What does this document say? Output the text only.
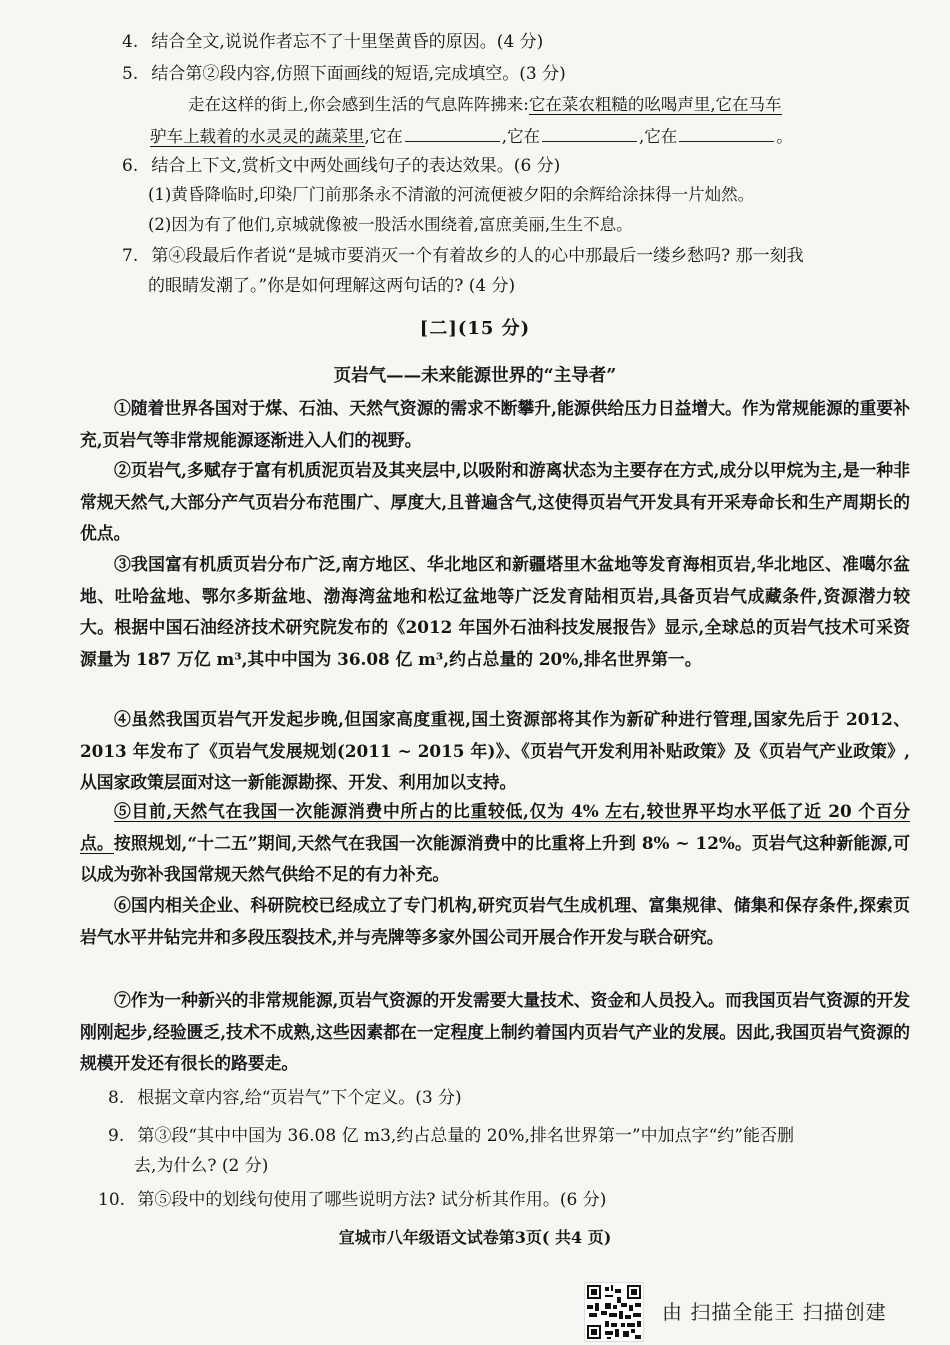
4. 结合全文,说说作者忘不了十里堡黄昏的原因。(4 分)
5. 结合第②段内容,仿照下面画线的短语,完成填空。(3 分)
走在这样的街上,你会感到生活的气息阵阵拂来:它在菜农粗糙的吆喝声里,它在马车
驴车上载着的水灵灵的蔬菜里,它在	,它在	,它在	。
6. 结合上下文,赏析文中两处画线句子的表达效果。(6 分)
(1)黄昏降临时,印染厂门前那条永不清澈的河流便被夕阳的余辉给涂抹得一片灿然。
(2)因为有了他们,京城就像被一股活水围绕着,富庶美丽,生生不息。
7. 第④段最后作者说“是城市要消灭一个有着故乡的人的心中那最后一缕乡愁吗? 那一刻我
的眼睛发潮了。”你是如何理解这两句话的? (4 分)
[二](15 分)
页岩气——未来能源世界的“主导者”
①随着世界各国对于煤、石油、天然气资源的需求不断攀升,能源供给压力日益增大。作为常规能源的重要补充,页岩气等非常规能源逐渐进入人们的视野。
②页岩气,多赋存于富有机质泥页岩及其夹层中,以吸附和游离状态为主要存在方式,成分以甲烷为主,是一种非常规天然气,大部分产气页岩分布范围广、厚度大,且普遍含气,这使得页岩气开发具有开采寿命长和生产周期长的优点。
③我国富有机质页岩分布广泛,南方地区、华北地区和新疆塔里木盆地等发育海相页岩,华北地区、准噶尔盆地、吐哈盆地、鄂尔多斯盆地、渤海湾盆地和松辽盆地等广泛发育陆相页岩,具备页岩气成藏条件,资源潜力较大。根据中国石油经济技术研究院发布的《2012 年国外石油科技发展报告》显示,全球总的页岩气技术可采资源量为 187 万亿 m³,其中中国为 36.08 亿 m³,约占总量的 20%,排名世界第一。
④虽然我国页岩气开发起步晚,但国家高度重视,国土资源部将其作为新矿种进行管理,国家先后于 2012、2013 年发布了《页岩气发展规划(2011 ~ 2015 年)》、《页岩气开发利用补贴政策》及《页岩气产业政策》,从国家政策层面对这一新能源勘探、开发、利用加以支持。
⑤目前,天然气在我国一次能源消费中所占的比重较低,仅为 4% 左右,较世界平均水平低了近 20 个百分点。按照规划,“十二五”期间,天然气在我国一次能源消费中的比重将上升到 8% ~ 12%。页岩气这种新能源,可以成为弥补我国常规天然气供给不足的有力补充。
⑥国内相关企业、科研院校已经成立了专门机构,研究页岩气生成机理、富集规律、储集和保存条件,探索页岩气水平井钻完井和多段压裂技术,并与壳牌等多家外国公司开展合作开发与联合研究。
⑦作为一种新兴的非常规能源,页岩气资源的开发需要大量技术、资金和人员投入。而我国页岩气资源的开发刚刚起步,经验匮乏,技术不成熟,这些因素都在一定程度上制约着国内页岩气产业的发展。因此,我国页岩气资源的规模开发还有很长的路要走。
8. 根据文章内容,给“页岩气”下个定义。(3 分)
9. 第③段“其中中国为 36.08 亿 m3,约占总量的 20%,排名世界第一”中加点字“约”能否删
去,为什么? (2 分)
10. 第⑤段中的划线句使用了哪些说明方法? 试分析其作用。(6 分)
宣城市八年级语文试卷第3页( 共4 页)
由 扫描全能王 扫描创建
